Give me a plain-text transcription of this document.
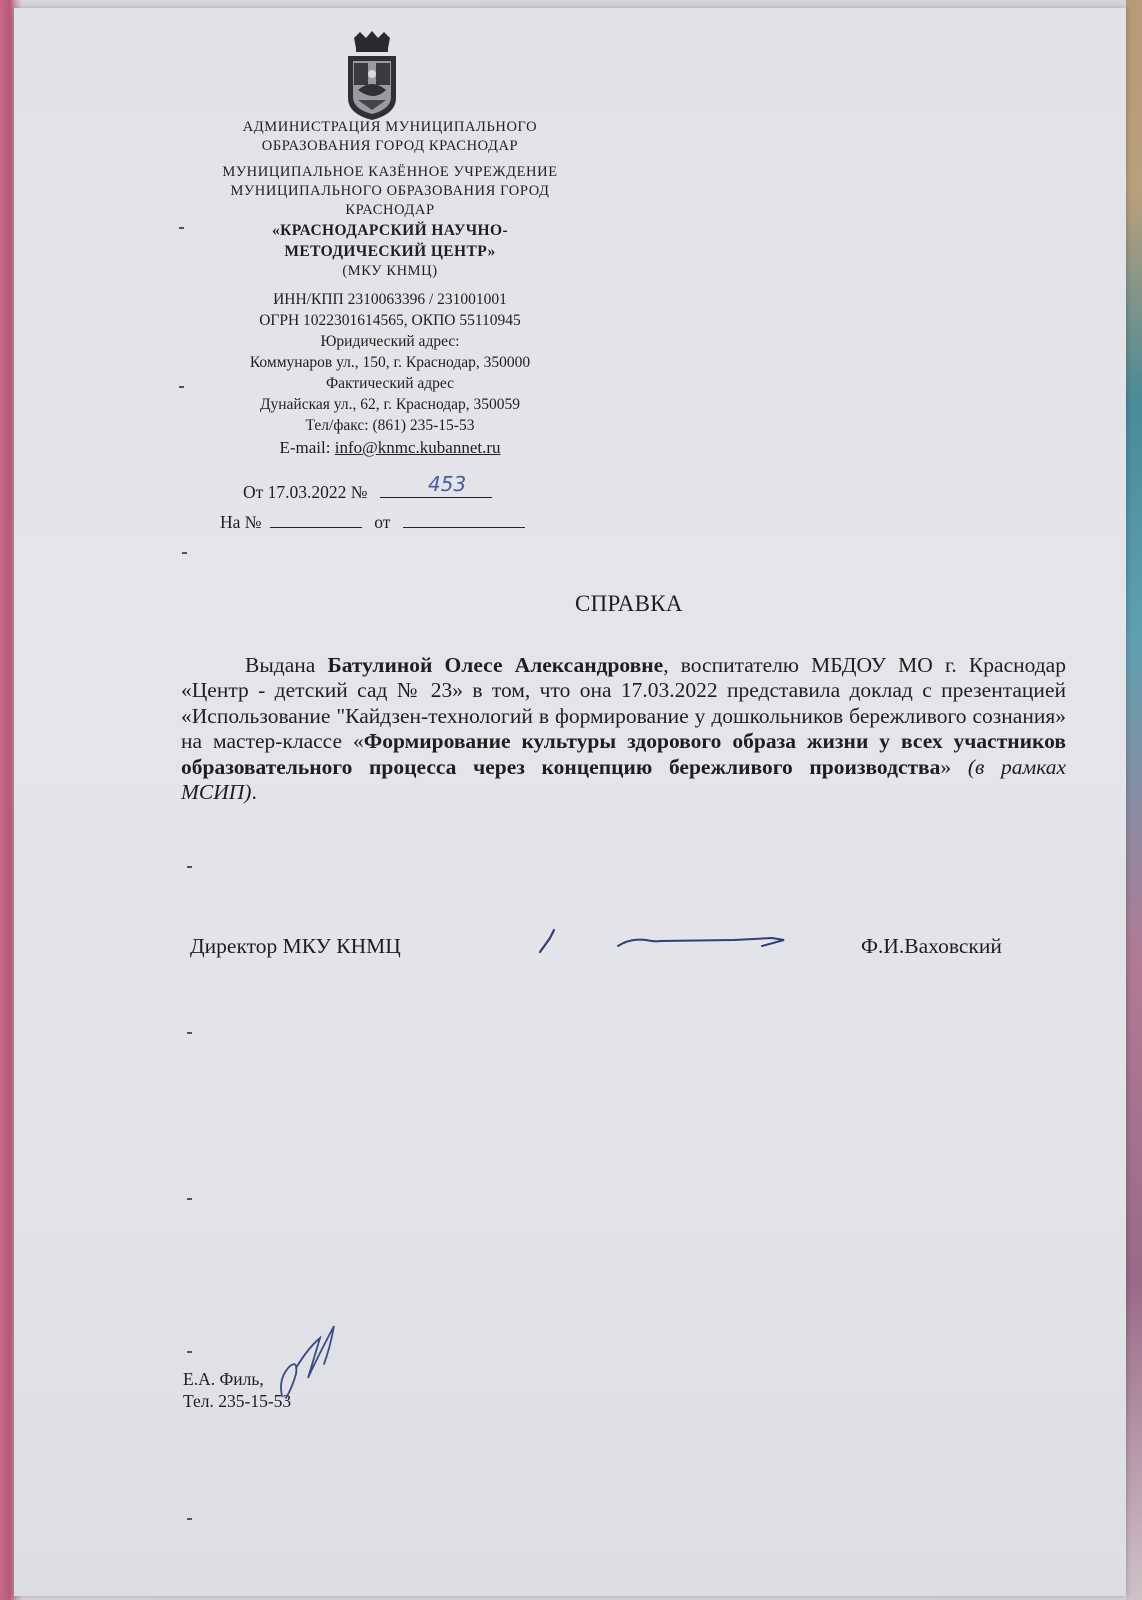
АДМИНИСТРАЦИЯ МУНИЦИПАЛЬНОГО
ОБРАЗОВАНИЯ ГОРОД КРАСНОДАР
МУНИЦИПАЛЬНОЕ КАЗЁННОЕ УЧРЕЖДЕНИЕ
МУНИЦИПАЛЬНОГО ОБРАЗОВАНИЯ ГОРОД
КРАСНОДАР
«КРАСНОДАРСКИЙ НАУЧНО-
МЕТОДИЧЕСКИЙ ЦЕНТР»
(МКУ КНМЦ)
ИНН/КПП 2310063396 / 231001001
ОГРН 1022301614565, ОКПО 55110945
Юридический адрес:
Коммунаров ул., 150, г. Краснодар, 350000
Фактический адрес
Дунайская ул., 62, г. Краснодар, 350059
Тел/факс: (861) 235-15-53
E-mail: info@knmc.kubannet.ru
От 17.03.2022 №	453
На №	от
СПРАВКА
Выдана Батулиной Олесе Александровне, воспитателю МБДОУ МО г. Краснодар «Центр - детский сад № 23» в том, что она 17.03.2022 представила доклад с презентацией «Использование "Кайдзен-технологий в формирование у дошкольников бережливого сознания» на мастер-классе «Формирование культуры здорового образа жизни у всех участников образовательного процесса через концепцию бережливого производства» (в рамках МСИП).
Директор МКУ КНМЦ	Ф.И.Ваховский
Е.А. Филь,
Тел. 235-15-53
